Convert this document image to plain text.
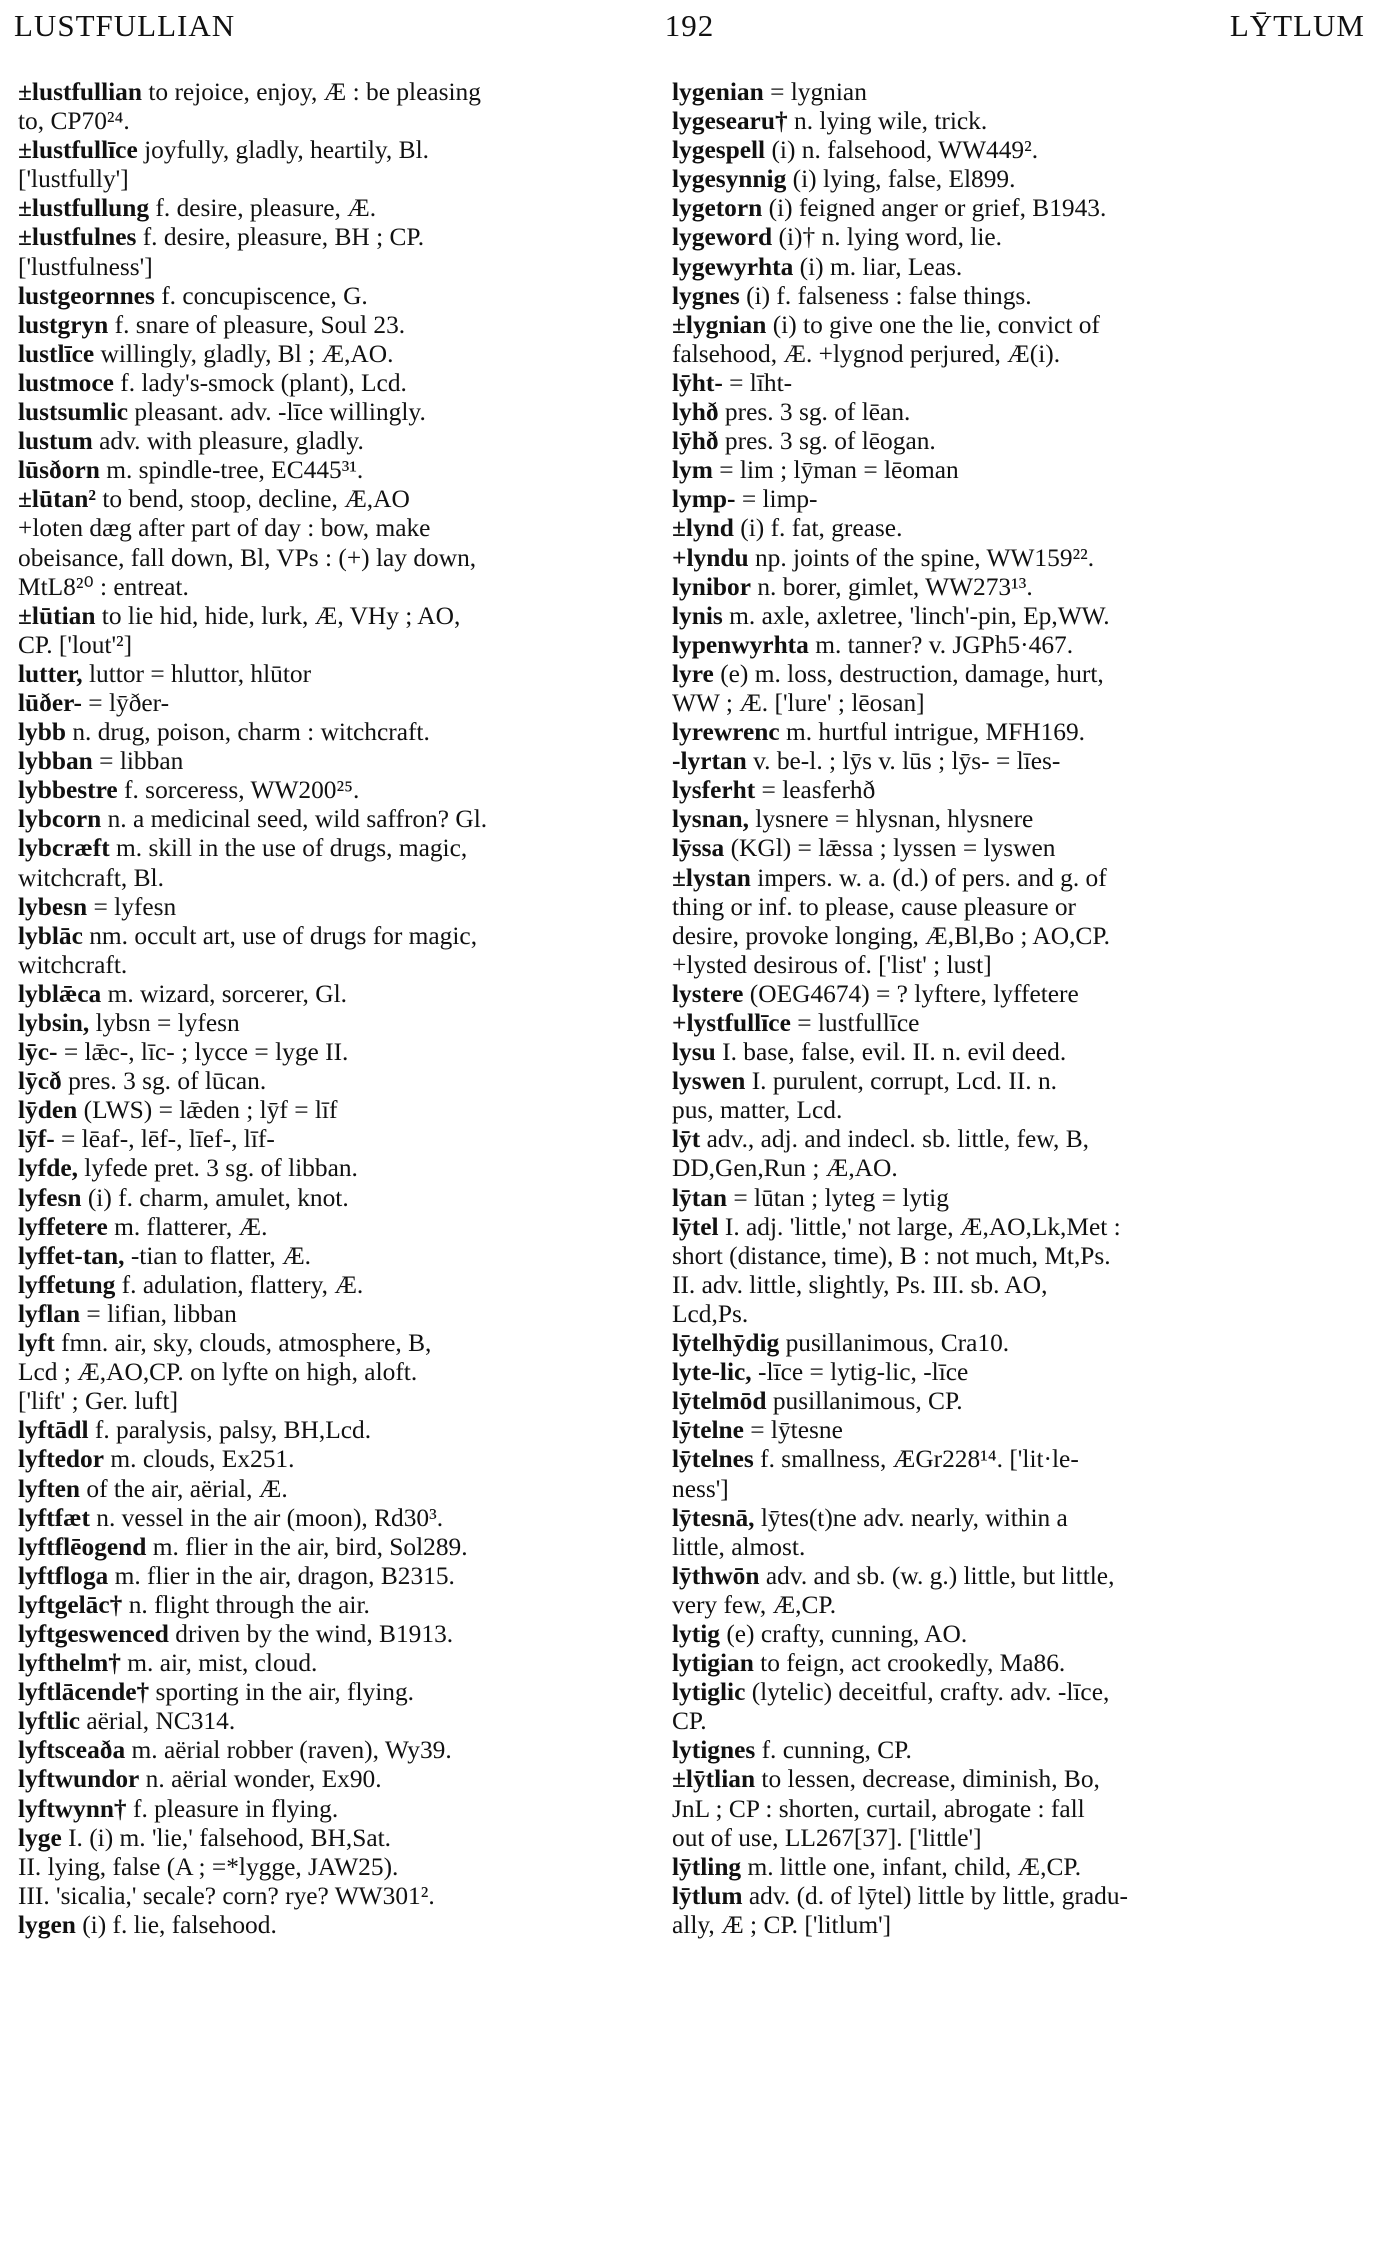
LUSTFULLIAN	192	LȲTLUM
±lustfullian to rejoice, enjoy, Æ : be pleasing
to, CP70²⁴.
±lustfullīce joyfully, gladly, heartily, Bl.
['lustfully']
±lustfullung f. desire, pleasure, Æ.
±lustfulnes f. desire, pleasure, BH ; CP.
['lustfulness']
lustgeornnes f. concupiscence, G.
lustgryn f. snare of pleasure, Soul 23.
lustlīce willingly, gladly, Bl ; Æ,AO.
lustmoce f. lady's-smock (plant), Lcd.
lustsumlic pleasant. adv. -līce willingly.
lustum adv. with pleasure, gladly.
lūsðorn m. spindle-tree, EC445³¹.
±lūtan² to bend, stoop, decline, Æ,AO
+loten dæg after part of day : bow, make
obeisance, fall down, Bl, VPs : (+) lay down,
MtL8²⁰ : entreat.
±lūtian to lie hid, hide, lurk, Æ, VHy ; AO,
CP. ['lout'²]
lutter, luttor = hluttor, hlūtor
lūðer- = lȳðer-
lybb n. drug, poison, charm : witchcraft.
lybban = libban
lybbestre f. sorceress, WW200²⁵.
lybcorn n. a medicinal seed, wild saffron? Gl.
lybcræft m. skill in the use of drugs, magic,
witchcraft, Bl.
lybesn = lyfesn
lyblāc nm. occult art, use of drugs for magic,
witchcraft.
lyblǣca m. wizard, sorcerer, Gl.
lybsin, lybsn = lyfesn
lȳc- = lǣc-, līc- ; lycce = lyge II.
lȳcð pres. 3 sg. of lūcan.
lȳden (LWS) = lǣden ; lȳf = līf
lȳf- = lēaf-, lēf-, līef-, līf-
lyfde, lyfede pret. 3 sg. of libban.
lyfesn (i) f. charm, amulet, knot.
lyffetere m. flatterer, Æ.
lyffet-tan, -tian to flatter, Æ.
lyffetung f. adulation, flattery, Æ.
lyflan = lifian, libban
lyft fmn. air, sky, clouds, atmosphere, B,
Lcd ; Æ,AO,CP. on lyfte on high, aloft.
['lift' ; Ger. luft]
lyftādl f. paralysis, palsy, BH,Lcd.
lyftedor m. clouds, Ex251.
lyften of the air, aërial, Æ.
lyftfæt n. vessel in the air (moon), Rd30³.
lyftflēogend m. flier in the air, bird, Sol289.
lyftfloga m. flier in the air, dragon, B2315.
lyftgelāc† n. flight through the air.
lyftgeswenced driven by the wind, B1913.
lyfthelm† m. air, mist, cloud.
lyftlācende† sporting in the air, flying.
lyftlic aërial, NC314.
lyftsceaða m. aërial robber (raven), Wy39.
lyftwundor n. aërial wonder, Ex90.
lyftwynn† f. pleasure in flying.
lyge I. (i) m. 'lie,' falsehood, BH,Sat.
II. lying, false (A ; =*lygge, JAW25).
III. 'sicalia,' secale? corn? rye? WW301².
lygen (i) f. lie, falsehood.
lygenian = lygnian
lygesearu† n. lying wile, trick.
lygespell (i) n. falsehood, WW449².
lygesynnig (i) lying, false, El899.
lygetorn (i) feigned anger or grief, B1943.
lygeword (i)† n. lying word, lie.
lygewyrhta (i) m. liar, Leas.
lygnes (i) f. falseness : false things.
±lygnian (i) to give one the lie, convict of
falsehood, Æ. +lygnod perjured, Æ(i).
lȳht- = līht-
lyhð pres. 3 sg. of lēan.
lȳhð pres. 3 sg. of lēogan.
lym = lim ; lȳman = lēoman
lymp- = limp-
±lynd (i) f. fat, grease.
+lyndu np. joints of the spine, WW159²².
lynibor n. borer, gimlet, WW273¹³.
lynis m. axle, axletree, 'linch'-pin, Ep,WW.
lypenwyrhta m. tanner? v. JGPh5·467.
lyre (e) m. loss, destruction, damage, hurt,
WW ; Æ. ['lure' ; lēosan]
lyrewrenc m. hurtful intrigue, MFH169.
-lyrtan v. be-l. ; lȳs v. lūs ; lȳs- = līes-
lysferht = leasferhð
lysnan, lysnere = hlysnan, hlysnere
lȳssa (KGl) = lǣssa ; lyssen = lyswen
±lystan impers. w. a. (d.) of pers. and g. of
thing or inf. to please, cause pleasure or
desire, provoke longing, Æ,Bl,Bo ; AO,CP.
+lysted desirous of. ['list' ; lust]
lystere (OEG4674) = ? lyftere, lyffetere
+lystfullīce = lustfullīce
lysu I. base, false, evil. II. n. evil deed.
lyswen I. purulent, corrupt, Lcd. II. n.
pus, matter, Lcd.
lȳt adv., adj. and indecl. sb. little, few, B,
DD,Gen,Run ; Æ,AO.
lȳtan = lūtan ; lyteg = lytig
lȳtel I. adj. 'little,' not large, Æ,AO,Lk,Met :
short (distance, time), B : not much, Mt,Ps.
II. adv. little, slightly, Ps. III. sb. AO,
Lcd,Ps.
lȳtelhȳdig pusillanimous, Cra10.
lyte-lic, -līce = lytig-lic, -līce
lȳtelmōd pusillanimous, CP.
lȳtelne = lȳtesne
lȳtelnes f. smallness, ÆGr228¹⁴. ['lit·le-
ness']
lȳtesnā, lȳtes(t)ne adv. nearly, within a
little, almost.
lȳthwōn adv. and sb. (w. g.) little, but little,
very few, Æ,CP.
lytig (e) crafty, cunning, AO.
lytigian to feign, act crookedly, Ma86.
lytiglic (lytelic) deceitful, crafty. adv. -līce,
CP.
lytignes f. cunning, CP.
±lȳtlian to lessen, decrease, diminish, Bo,
JnL ; CP : shorten, curtail, abrogate : fall
out of use, LL267[37]. ['little']
lȳtling m. little one, infant, child, Æ,CP.
lȳtlum adv. (d. of lȳtel) little by little, gradu-
ally, Æ ; CP. ['litlum']
